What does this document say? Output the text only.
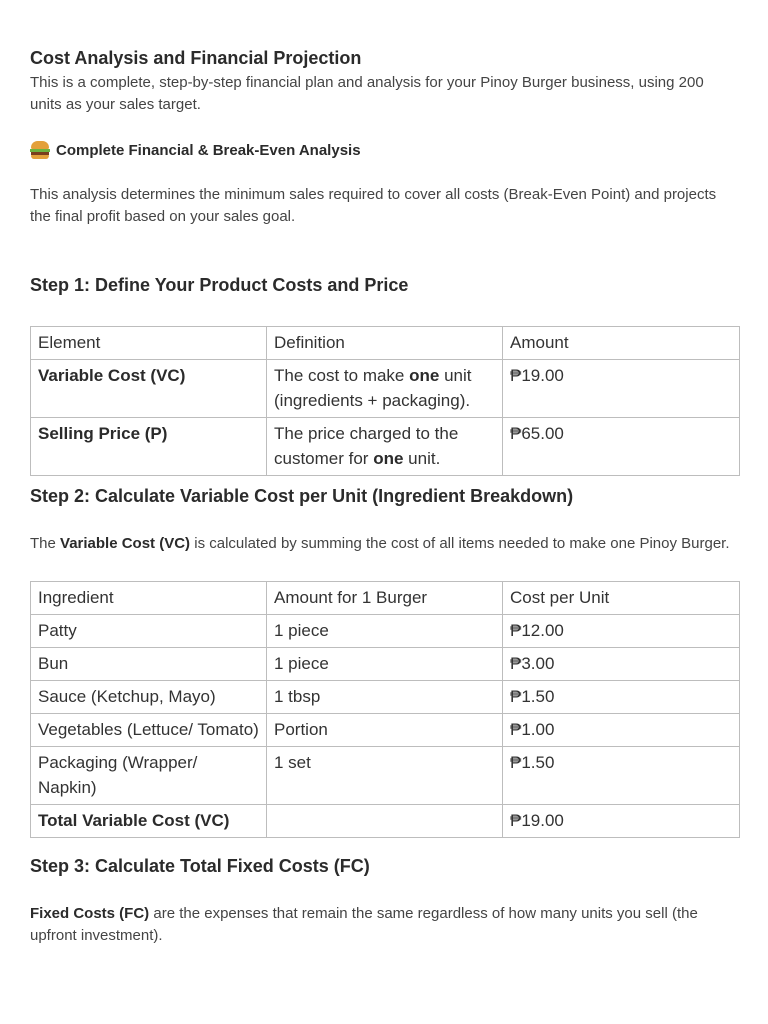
Cost Analysis and Financial Projection

This is a complete, step-by-step financial plan and analysis for your Pinoy Burger business, using 200 units as your sales target.

Complete Financial & Break-Even Analysis

This analysis determines the minimum sales required to cover all costs (Break-Even Point) and projects the final profit based on your sales goal.

Step 1: Define Your Product Costs and Price
Element	Definition	Amount
Variable Cost (VC)	The cost to make one unit (ingredients + packaging).	₱19.00
Selling Price (P)	The price charged to the customer for one unit.	₱65.00
Step 2: Calculate Variable Cost per Unit (Ingredient Breakdown)

The Variable Cost (VC) is calculated by summing the cost of all items needed to make one Pinoy Burger.

Ingredient	Amount for 1 Burger	Cost per Unit
Patty	1 piece	₱12.00
Bun	1 piece	₱3.00
Sauce (Ketchup, Mayo)	1 tbsp	₱1.50
Vegetables (Lettuce/ Tomato)	Portion	₱1.00
Packaging (Wrapper/ Napkin)	1 set	₱1.50
Total Variable Cost (VC)		₱19.00
Step 3: Calculate Total Fixed Costs (FC)

Fixed Costs (FC) are the expenses that remain the same regardless of how many units you sell (the upfront investment).
